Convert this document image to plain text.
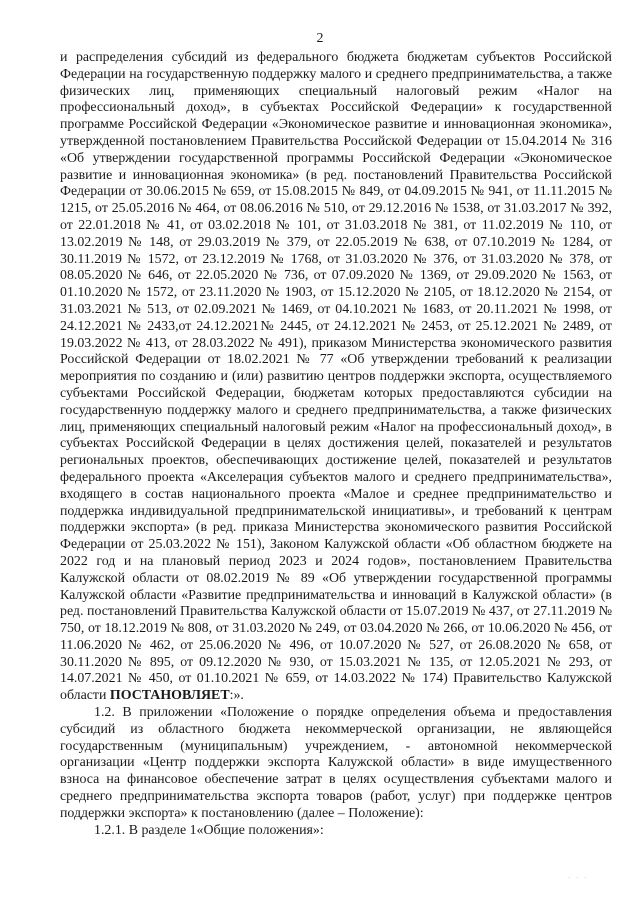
2

и распределения субсидий из федерального бюджета бюджетам субъектов Российской Федерации на государственную поддержку малого и среднего предпринимательства, а также физических лиц, применяющих специальный налоговый режим «Налог на профессиональный доход», в субъектах Российской Федерации» к государственной программе Российской Федерации «Экономическое развитие и инновационная экономика», утвержденной постановлением Правительства Российской Федерации от 15.04.2014 № 316 «Об утверждении государственной программы Российской Федерации «Экономическое развитие и инновационная экономика» (в ред. постановлений Правительства Российской Федерации от 30.06.2015 № 659, от 15.08.2015 № 849, от 04.09.2015 № 941, от 11.11.2015 № 1215, от 25.05.2016 № 464, от 08.06.2016 № 510, от 29.12.2016 № 1538, от 31.03.2017 № 392, от 22.01.2018 № 41, от 03.02.2018 № 101, от 31.03.2018 № 381, от 11.02.2019 № 110, от 13.02.2019 № 148, от 29.03.2019 № 379, от 22.05.2019 № 638, от 07.10.2019 № 1284, от 30.11.2019 № 1572, от 23.12.2019 № 1768, от 31.03.2020 № 376, от 31.03.2020 № 378, от 08.05.2020 № 646, от 22.05.2020 № 736, от 07.09.2020 № 1369, от 29.09.2020 № 1563, от 01.10.2020 № 1572, от 23.11.2020 № 1903, от 15.12.2020 № 2105, от 18.12.2020 № 2154, от 31.03.2021 № 513, от 02.09.2021 № 1469, от 04.10.2021 № 1683, от 20.11.2021 № 1998, от 24.12.2021 № 2433,от 24.12.2021№ 2445, от 24.12.2021 № 2453, от 25.12.2021 № 2489, от 19.03.2022 № 413, от 28.03.2022 № 491), приказом Министерства экономического развития Российской Федерации от 18.02.2021 № 77 «Об утверждении требований к реализации мероприятия по созданию и (или) развитию центров поддержки экспорта, осуществляемого субъектами Российской Федерации, бюджетам которых предоставляются субсидии на государственную поддержку малого и среднего предпринимательства, а также физических лиц, применяющих специальный налоговый режим «Налог на профессиональный доход», в субъектах Российской Федерации в целях достижения целей, показателей и результатов региональных проектов, обеспечивающих достижение целей, показателей и результатов федерального проекта «Акселерация субъектов малого и среднего предпринимательства», входящего в состав национального проекта «Малое и среднее предпринимательство и поддержка индивидуальной предпринимательской инициативы», и требований к центрам поддержки экспорта» (в ред. приказа Министерства экономического развития Российской Федерации от 25.03.2022 № 151), Законом Калужской области «Об областном бюджете на 2022 год и на плановый период 2023 и 2024 годов», постановлением Правительства Калужской области от 08.02.2019 № 89 «Об утверждении государственной программы Калужской области «Развитие предпринимательства и инноваций в Калужской области» (в ред. постановлений Правительства Калужской области от 15.07.2019 № 437, от 27.11.2019 № 750, от 18.12.2019 № 808, от 31.03.2020 № 249, от 03.04.2020 № 266, от 10.06.2020 № 456, от 11.06.2020 № 462, от 25.06.2020 № 496, от 10.07.2020 № 527, от 26.08.2020 № 658, от 30.11.2020 № 895, от 09.12.2020 № 930, от 15.03.2021 № 135, от 12.05.2021 № 293, от 14.07.2021 № 450, от 01.10.2021 № 659, от 14.03.2022 № 174) Правительство Калужской области ПОСТАНОВЛЯЕТ:».

1.2. В приложении «Положение о порядке определения объема и предоставления субсидий из областного бюджета некоммерческой организации, не являющейся государственным (муниципальным) учреждением, - автономной некоммерческой организации «Центр поддержки экспорта Калужской области» в виде имущественного взноса на финансовое обеспечение затрат в целях осуществления субъектами малого и среднего предпринимательства экспорта товаров (работ, услуг) при поддержке центров поддержки экспорта» к постановлению (далее – Положение):

1.2.1. В разделе 1«Общие положения»:

· · ·
